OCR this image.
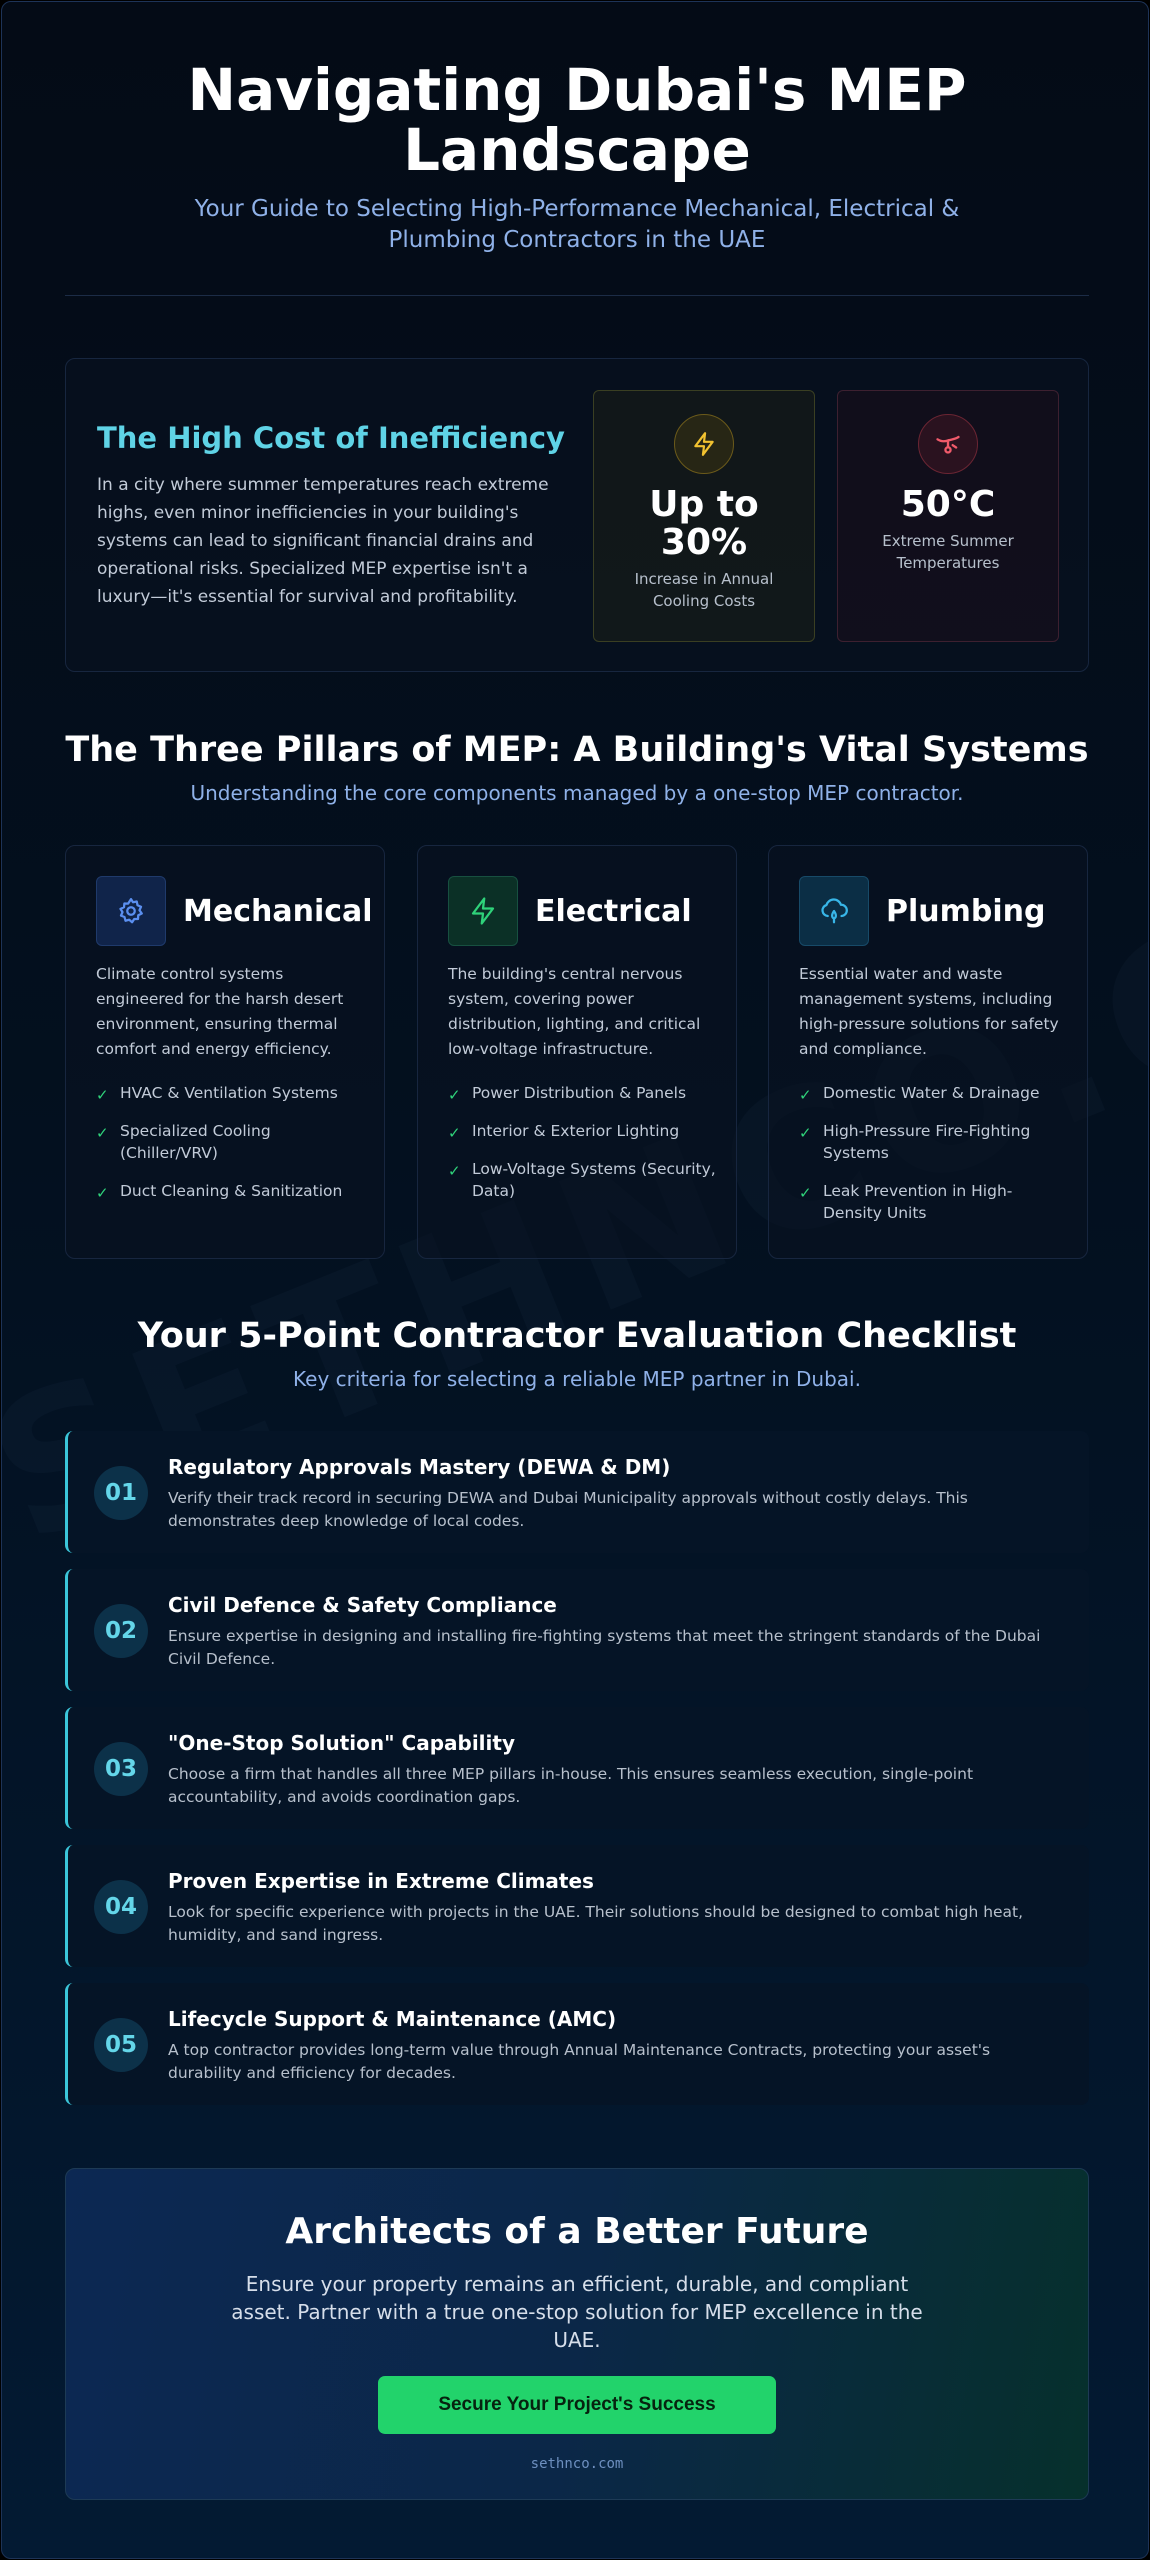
Navigating Dubai's MEP Landscape

Your Guide to Selecting High-Performance Mechanical, Electrical & Plumbing Contractors in the UAE

The High Cost of Inefficiency

In a city where summer temperatures reach extreme highs, even minor inefficiencies in your building's systems can lead to significant financial drains and operational risks. Specialized MEP expertise isn't a luxury—it's essential for survival and profitability.

Up to 30%
Increase in Annual Cooling Costs
50°C
Extreme Summer Temperatures
The Three Pillars of MEP: A Building's Vital Systems

Understanding the core components managed by a one-stop MEP contractor.

Mechanical

Climate control systems engineered for the harsh desert environment, ensuring thermal comfort and energy efficiency.

✓ HVAC & Ventilation Systems
✓ Specialized Cooling (Chiller/VRV)
✓ Duct Cleaning & Sanitization
Electrical

The building's central nervous system, covering power distribution, lighting, and critical low-voltage infrastructure.

✓ Power Distribution & Panels
✓ Interior & Exterior Lighting
✓ Low-Voltage Systems (Security, Data)
Plumbing

Essential water and waste management systems, including high-pressure solutions for safety and compliance.

✓ Domestic Water & Drainage
✓ High-Pressure Fire-Fighting Systems
✓ Leak Prevention in High-Density Units
Your 5-Point Contractor Evaluation Checklist

Key criteria for selecting a reliable MEP partner in Dubai.

01
Regulatory Approvals Mastery (DEWA & DM)

Verify their track record in securing DEWA and Dubai Municipality approvals without costly delays. This demonstrates deep knowledge of local codes.

02
Civil Defence & Safety Compliance

Ensure expertise in designing and installing fire-fighting systems that meet the stringent standards of the Dubai Civil Defence.

03
"One-Stop Solution" Capability

Choose a firm that handles all three MEP pillars in-house. This ensures seamless execution, single-point accountability, and avoids coordination gaps.

04
Proven Expertise in Extreme Climates

Look for specific experience with projects in the UAE. Their solutions should be designed to combat high heat, humidity, and sand ingress.

05
Lifecycle Support & Maintenance (AMC)

A top contractor provides long-term value through Annual Maintenance Contracts, protecting your asset's durability and efficiency for decades.

Architects of a Better Future

Ensure your property remains an efficient, durable, and compliant asset. Partner with a true one-stop solution for MEP excellence in the UAE.

Secure Your Project's Success
sethnco.com
